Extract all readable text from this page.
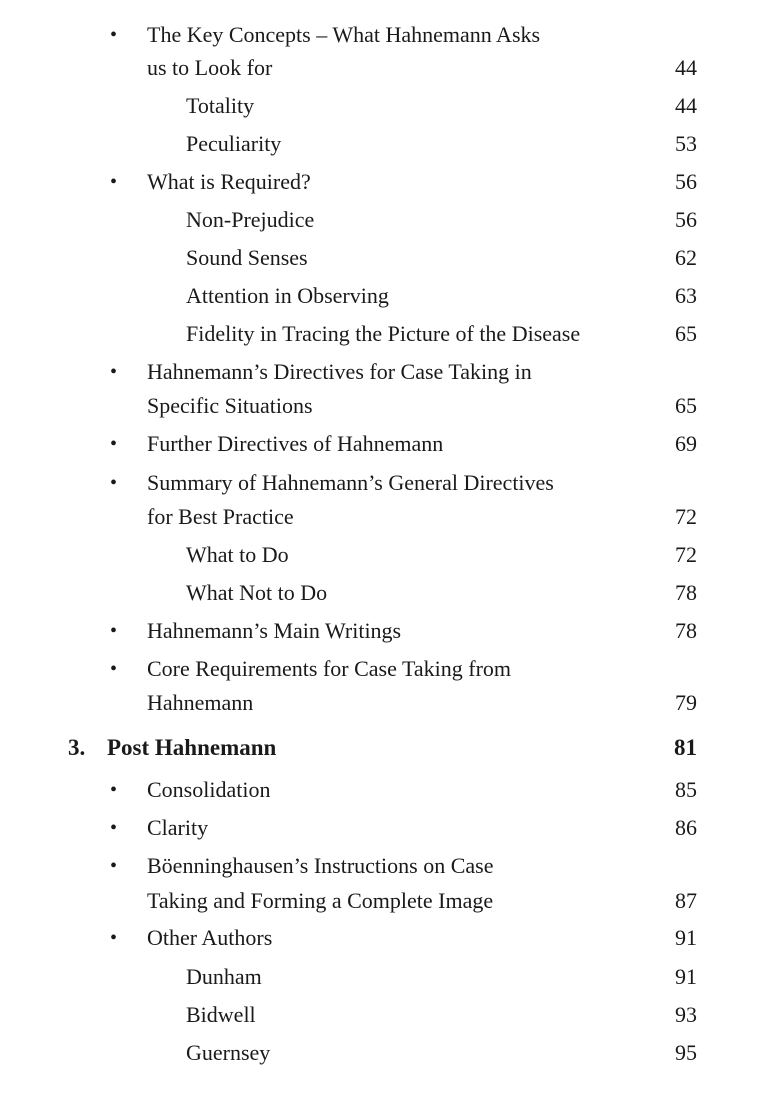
• The Key Concepts – What Hahnemann Asks
us to Look for	44
Totality	44
Peculiarity	53
• What is Required?	56
Non-Prejudice	56
Sound Senses	62
Attention in Observing	63
Fidelity in Tracing the Picture of the Disease	65
• Hahnemann’s Directives for Case Taking in
Specific Situations	65
• Further Directives of Hahnemann	69
• Summary of Hahnemann’s General Directives
for Best Practice	72
What to Do	72
What Not to Do	78
• Hahnemann’s Main Writings	78
• Core Requirements for Case Taking from
Hahnemann	79
3. Post Hahnemann	81
• Consolidation	85
• Clarity	86
• Böenninghausen’s Instructions on Case
Taking and Forming a Complete Image	87
• Other Authors	91
Dunham	91
Bidwell	93
Guernsey	95
